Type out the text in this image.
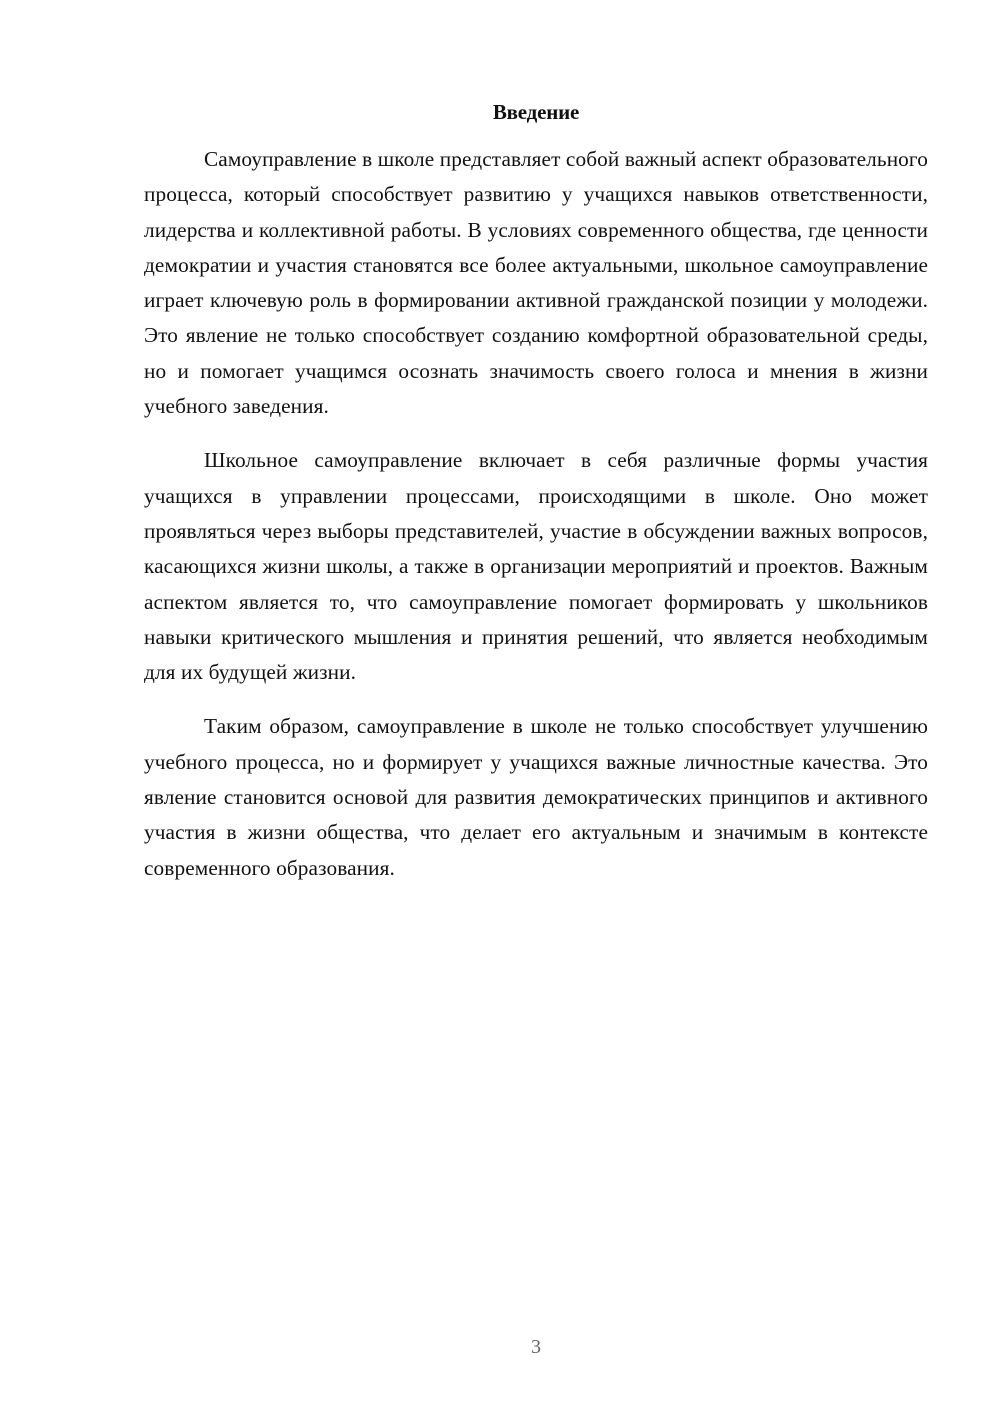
Введение

Самоуправление в школе представляет собой важный аспект образовательного процесса, который способствует развитию у учащихся навыков ответственности, лидерства и коллективной работы. В условиях современного общества, где ценности демократии и участия становятся все более актуальными, школьное самоуправление играет ключевую роль в формировании активной гражданской позиции у молодежи. Это явление не только способствует созданию комфортной образовательной среды, но и помогает учащимся осознать значимость своего голоса и мнения в жизни учебного заведения.

Школьное самоуправление включает в себя различные формы участия учащихся в управлении процессами, происходящими в школе. Оно может проявляться через выборы представителей, участие в обсуждении важных вопросов, касающихся жизни школы, а также в организации мероприятий и проектов. Важным аспектом является то, что самоуправление помогает формировать у школьников навыки критического мышления и принятия решений, что является необходимым для их будущей жизни.

Таким образом, самоуправление в школе не только способствует улучшению учебного процесса, но и формирует у учащихся важные личностные качества. Это явление становится основой для развития демократических принципов и активного участия в жизни общества, что делает его актуальным и значимым в контексте современного образования.

3
